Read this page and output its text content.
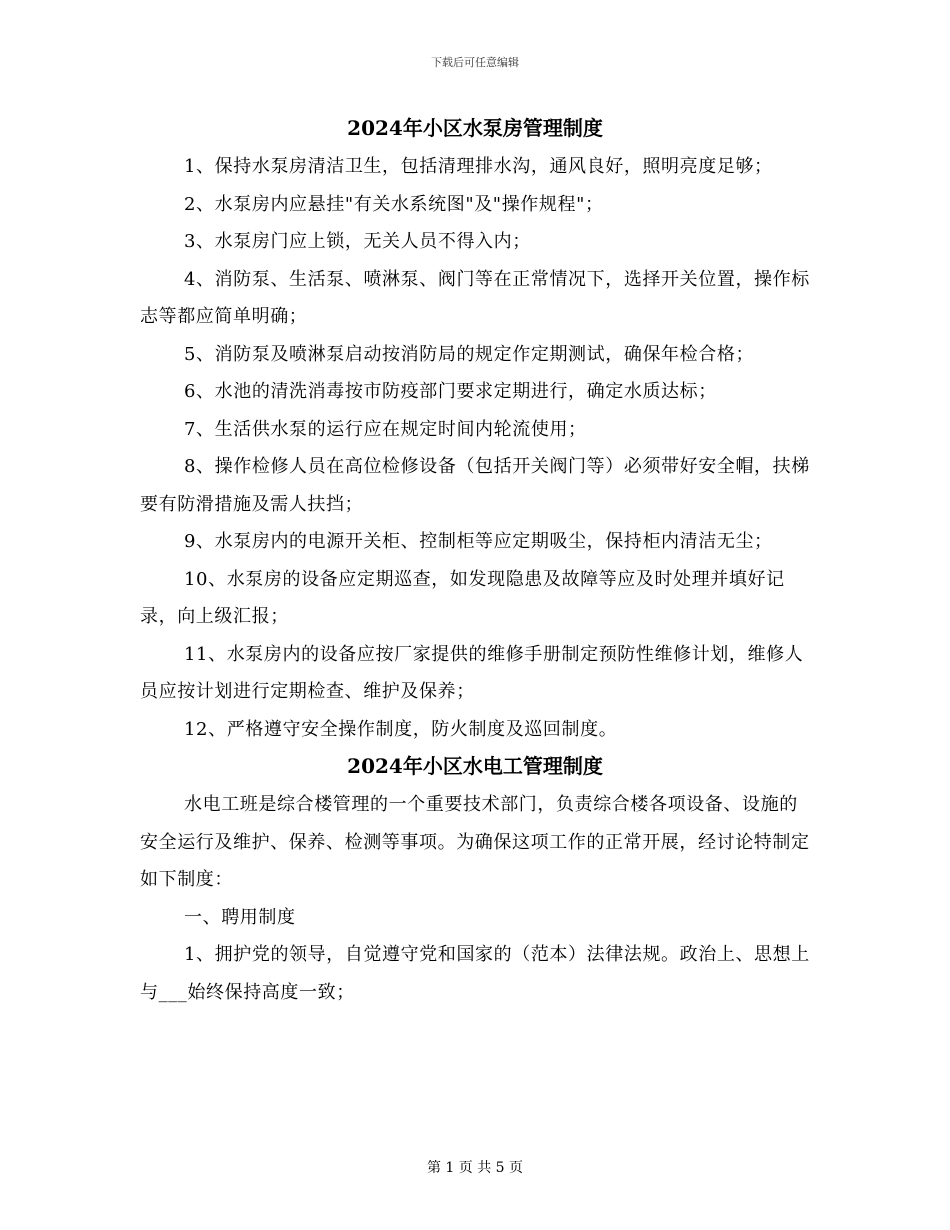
下载后可任意编辑
2024年小区水泵房管理制度

1、保持水泵房清洁卫生，包括清理排水沟，通风良好，照明亮度足够；

2、水泵房内应悬挂"有关水系统图"及"操作规程"；

3、水泵房门应上锁，无关人员不得入内；

4、消防泵、生活泵、喷淋泵、阀门等在正常情况下，选择开关位置，操作标志等都应简单明确；

5、消防泵及喷淋泵启动按消防局的规定作定期测试，确保年检合格；

6、水池的清洗消毒按市防疫部门要求定期进行，确定水质达标；

7、生活供水泵的运行应在规定时间内轮流使用；

8、操作检修人员在高位检修设备（包括开关阀门等）必须带好安全帽，扶梯要有防滑措施及需人扶挡；

9、水泵房内的电源开关柜、控制柜等应定期吸尘，保持柜内清洁无尘；

10、水泵房的设备应定期巡查，如发现隐患及故障等应及时处理并填好记录，向上级汇报；

11、水泵房内的设备应按厂家提供的维修手册制定预防性维修计划，维修人员应按计划进行定期检查、维护及保养；

12、严格遵守安全操作制度，防火制度及巡回制度。

2024年小区水电工管理制度

水电工班是综合楼管理的一个重要技术部门，负责综合楼各项设备、设施的安全运行及维护、保养、检测等事项。为确保这项工作的正常开展，经讨论特制定如下制度：

一、聘用制度

1、拥护党的领导，自觉遵守党和国家的（范本）法律法规。政治上、思想上与___始终保持高度一致；

第 1 页 共 5 页
